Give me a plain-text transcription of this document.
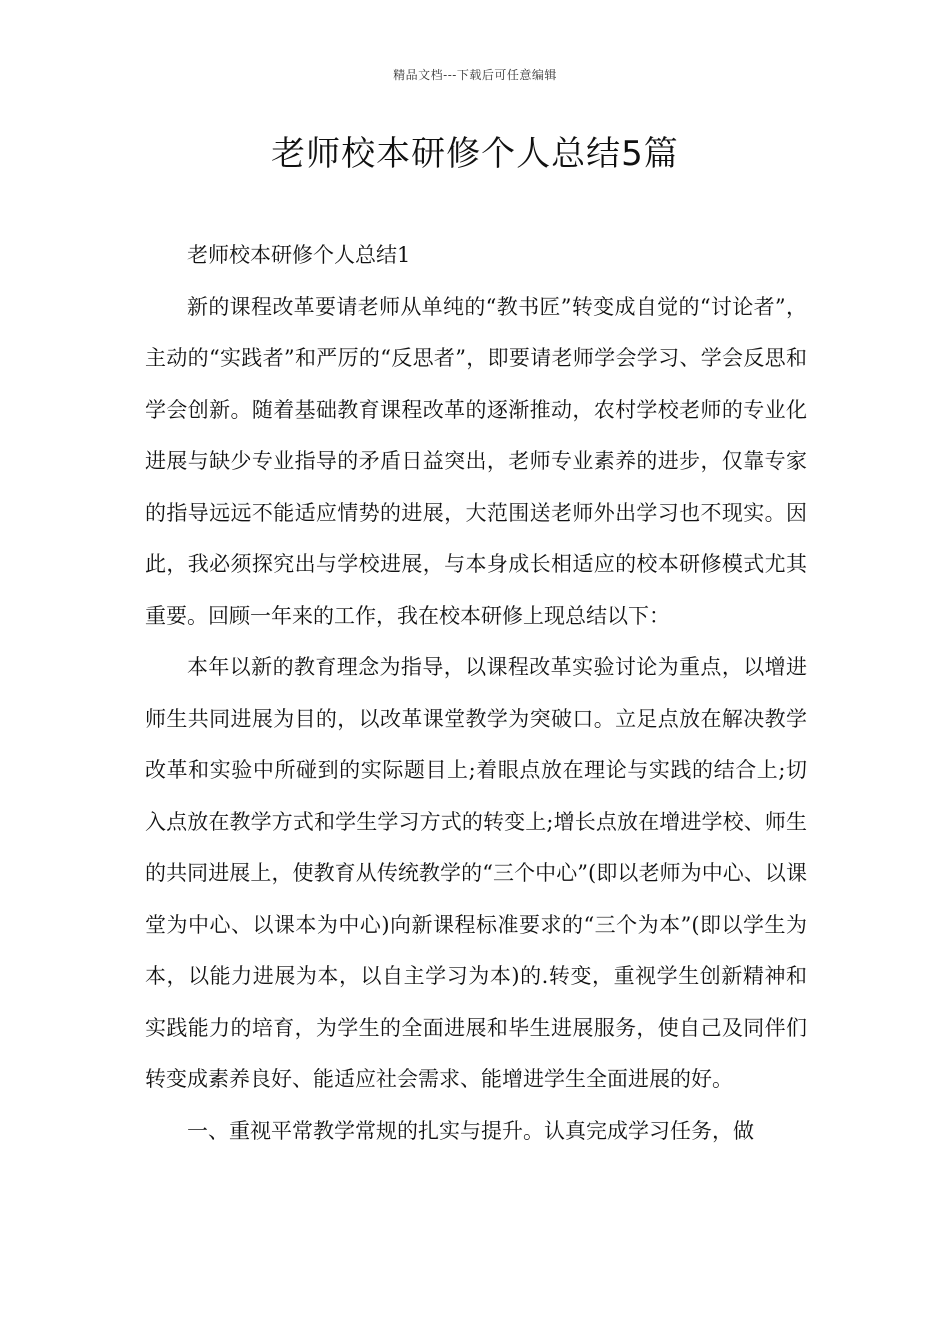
精品文档---下载后可任意编辑
老师校本研修个人总结5篇

老师校本研修个人总结1

新的课程改革要请老师从单纯的“教书匠”转变成自觉的“讨论者”，主动的“实践者”和严厉的“反思者”，即要请老师学会学习、学会反思和学会创新。随着基础教育课程改革的逐渐推动，农村学校老师的专业化进展与缺少专业指导的矛盾日益突出，老师专业素养的进步，仅靠专家的指导远远不能适应情势的进展，大范围送老师外出学习也不现实。因此，我必须探究出与学校进展，与本身成长相适应的校本研修模式尤其重要。回顾一年来的工作，我在校本研修上现总结以下：

本年以新的教育理念为指导，以课程改革实验讨论为重点，以增进师生共同进展为目的，以改革课堂教学为突破口。立足点放在解决教学改革和实验中所碰到的实际题目上;着眼点放在理论与实践的结合上;切入点放在教学方式和学生学习方式的转变上;增长点放在增进学校、师生的共同进展上，使教育从传统教学的“三个中心”(即以老师为中心、以课堂为中心、以课本为中心)向新课程标准要求的“三个为本”(即以学生为本，以能力进展为本，以自主学习为本)的.转变，重视学生创新精神和实践能力的培育，为学生的全面进展和毕生进展服务，使自己及同伴们转变成素养良好、能适应社会需求、能增进学生全面进展的好。

一、重视平常教学常规的扎实与提升。认真完成学习任务，做
